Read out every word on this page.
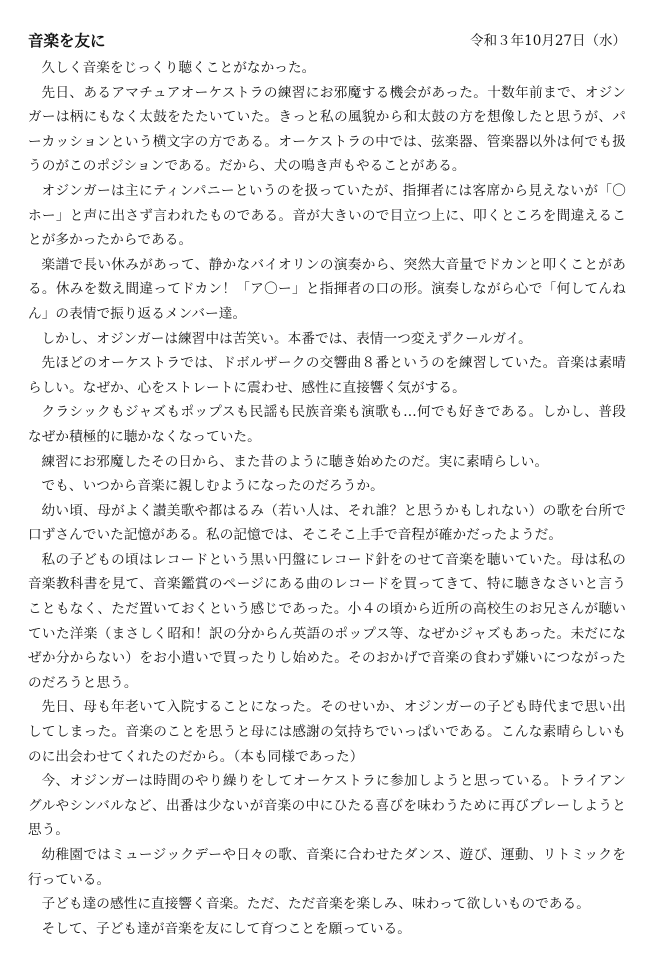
音楽を友に	令和３年10月27日（水）

久しく音楽をじっくり聴くことがなかった。

先日、あるアマチュアオーケストラの練習にお邪魔する機会があった。十数年前まで、オジンガーは柄にもなく太鼓をたたいていた。きっと私の風貌から和太鼓の方を想像したと思うが、パーカッションという横文字の方である。オーケストラの中では、弦楽器、管楽器以外は何でも扱うのがこのポジションである。だから、犬の鳴き声もやることがある。

オジンガーは主にティンパニーというのを扱っていたが、指揮者には客席から見えないが「〇ホー」と声に出さず言われたものである。音が大きいので目立つ上に、叩くところを間違えることが多かったからである。

楽譜で長い休みがあって、静かなバイオリンの演奏から、突然大音量でドカンと叩くことがある。休みを数え間違ってドカン！「ア〇ー」と指揮者の口の形。演奏しながら心で「何してんねん」の表情で振り返るメンバー達。

しかし、オジンガーは練習中は苦笑い。本番では、表情一つ変えずクールガイ。

先ほどのオーケストラでは、ドボルザークの交響曲８番というのを練習していた。音楽は素晴らしい。なぜか、心をストレートに震わせ、感性に直接響く気がする。

クラシックもジャズもポップスも民謡も民族音楽も演歌も…何でも好きである。しかし、普段なぜか積極的に聴かなくなっていた。

練習にお邪魔したその日から、また昔のように聴き始めたのだ。実に素晴らしい。

でも、いつから音楽に親しむようになったのだろうか。

幼い頃、母がよく讃美歌や都はるみ（若い人は、それ誰？と思うかもしれない）の歌を台所で口ずさんでいた記憶がある。私の記憶では、そこそこ上手で音程が確かだったようだ。

私の子どもの頃はレコードという黒い円盤にレコード針をのせて音楽を聴いていた。母は私の音楽教科書を見て、音楽鑑賞のページにある曲のレコードを買ってきて、特に聴きなさいと言うこともなく、ただ置いておくという感じであった。小４の頃から近所の高校生のお兄さんが聴いていた洋楽（まさしく昭和！訳の分からん英語のポップス等、なぜかジャズもあった。未だになぜか分からない）をお小遣いで買ったりし始めた。そのおかげで音楽の食わず嫌いにつながったのだろうと思う。

先日、母も年老いて入院することになった。そのせいか、オジンガーの子ども時代まで思い出してしまった。音楽のことを思うと母には感謝の気持ちでいっぱいである。こんな素晴らしいものに出会わせてくれたのだから。（本も同様であった）

今、オジンガーは時間のやり繰りをしてオーケストラに参加しようと思っている。トライアングルやシンバルなど、出番は少ないが音楽の中にひたる喜びを味わうために再びプレーしようと思う。

幼稚園ではミュージックデーや日々の歌、音楽に合わせたダンス、遊び、運動、リトミックを行っている。

子ども達の感性に直接響く音楽。ただ、ただ音楽を楽しみ、味わって欲しいものである。

そして、子ども達が音楽を友にして育つことを願っている。
